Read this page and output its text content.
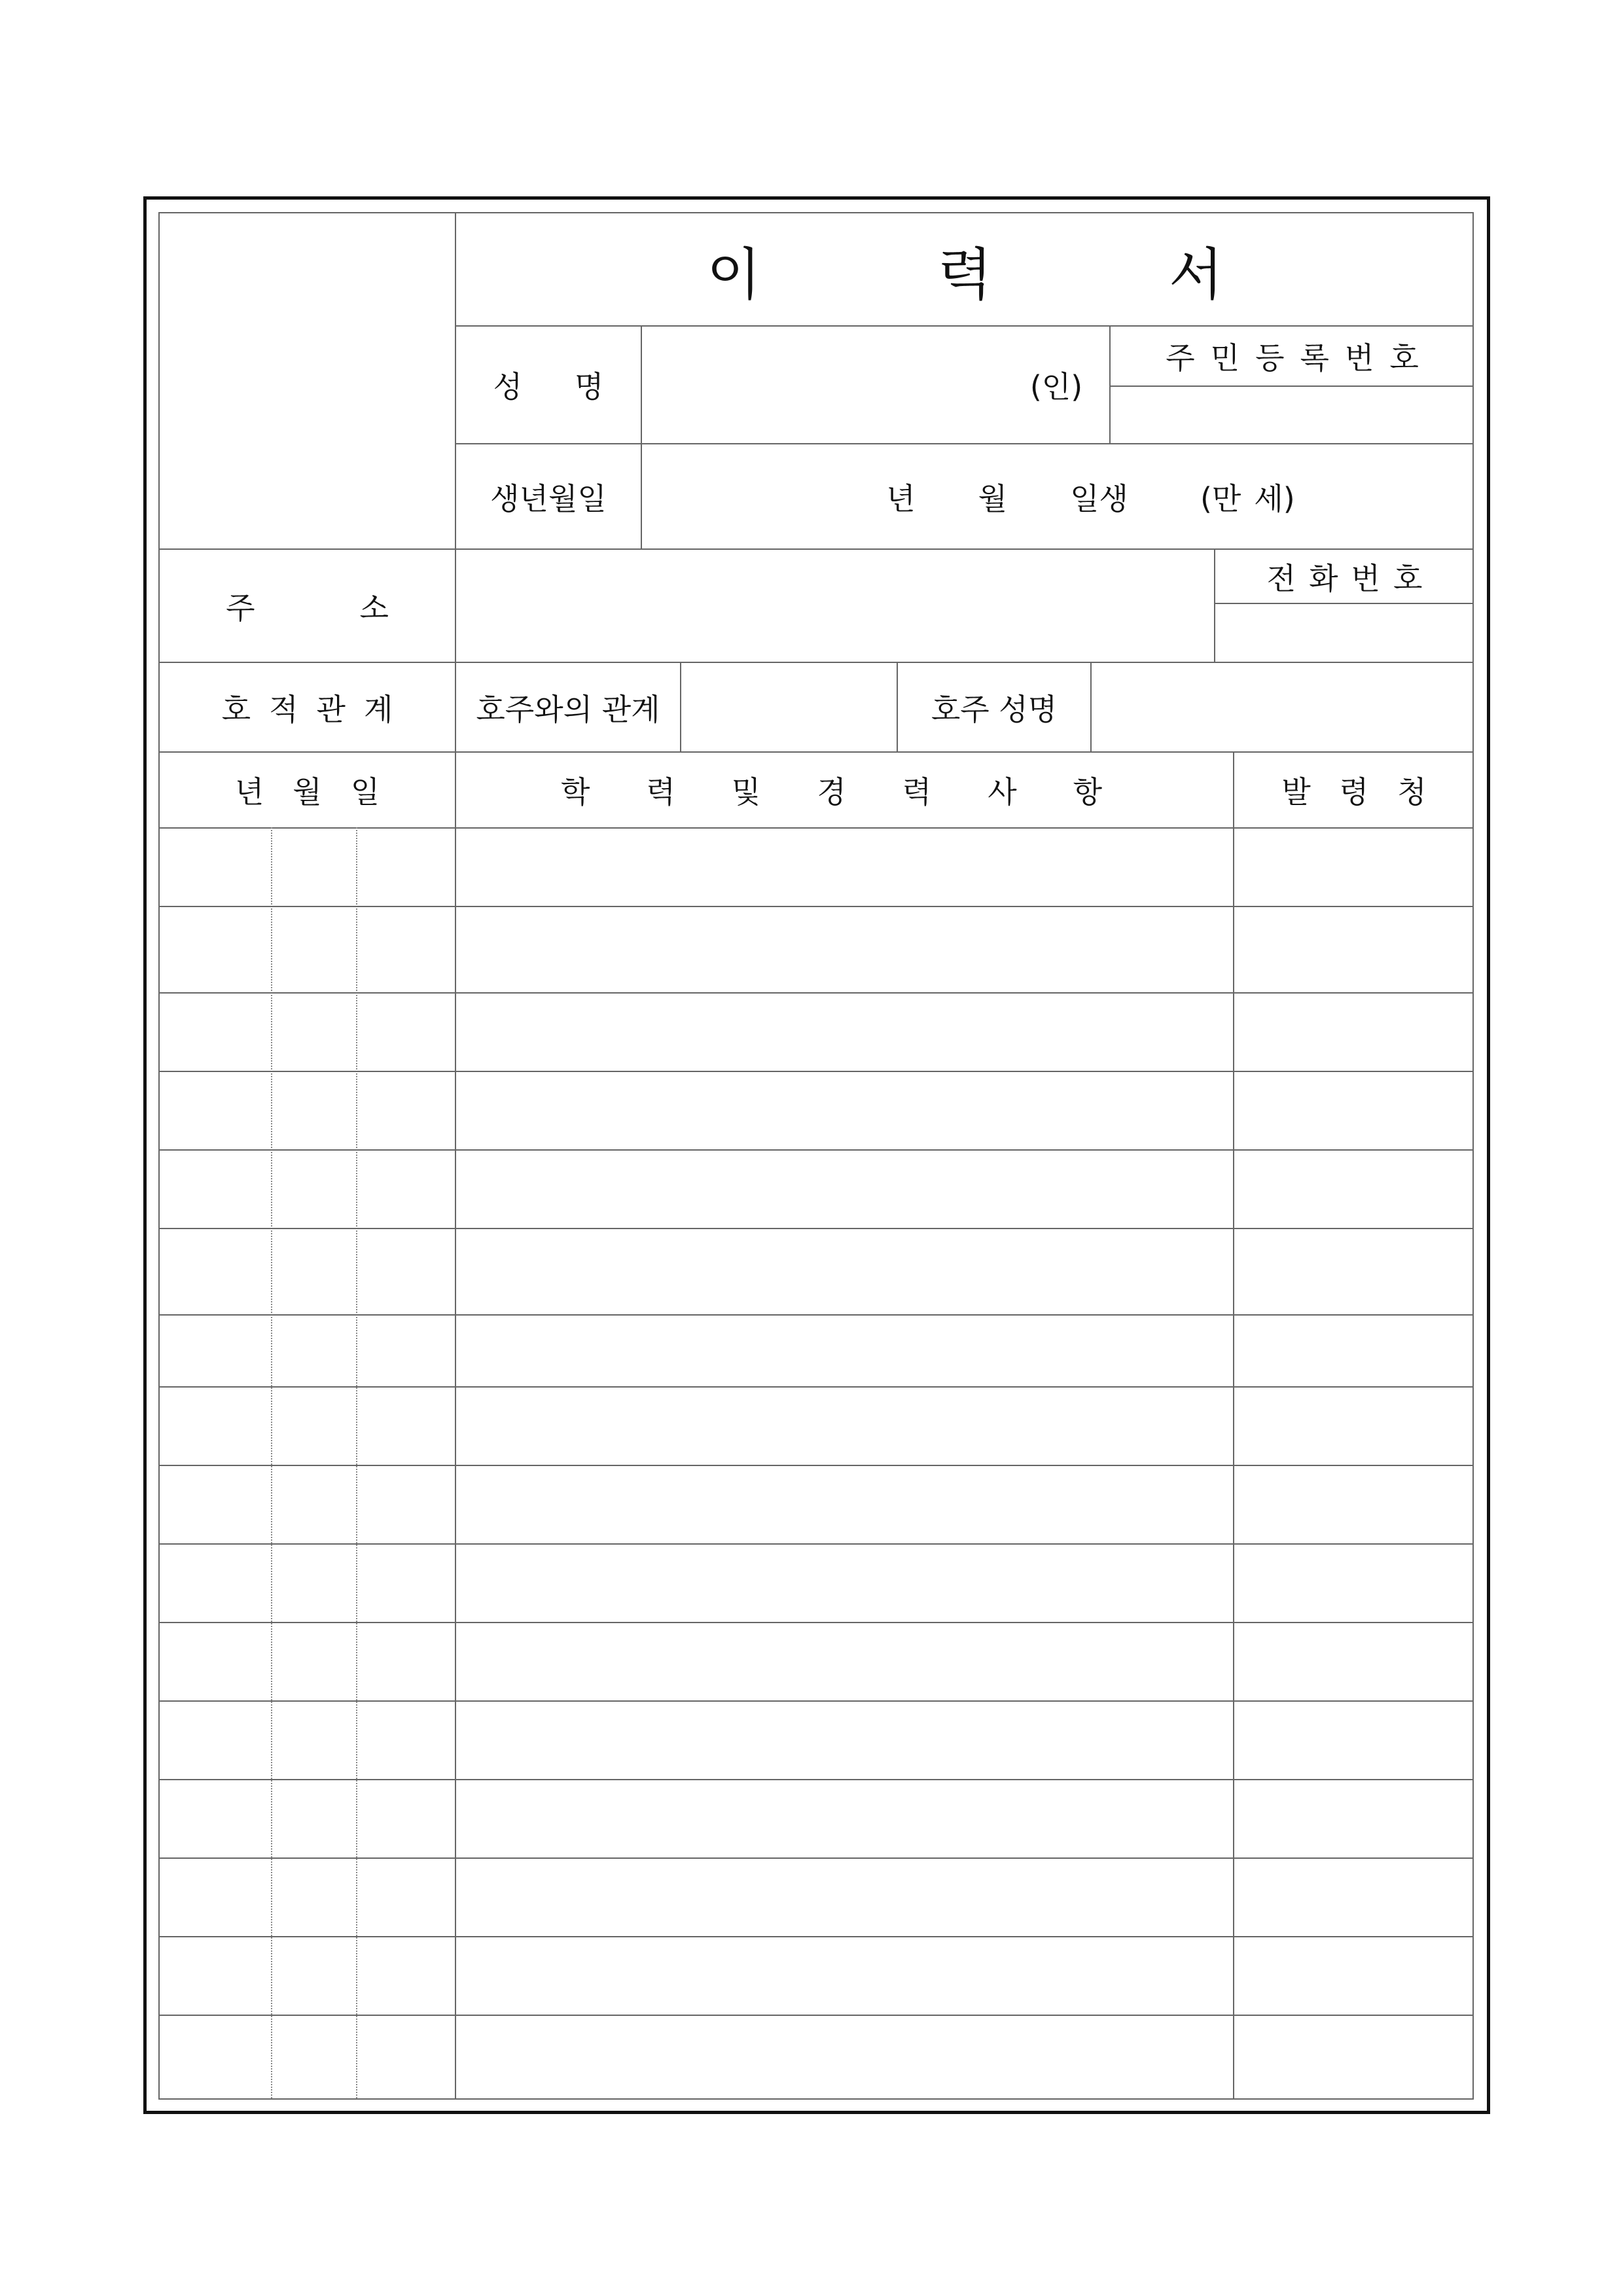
이	력	서
성 명	(인)
주 민 등 록 번 호
생년월일	년 월 일생 (만 세)
주	소
전 화 번 호
호 적 관 계	호주와의 관계	호주 성명
년 월 일	학 력 및 경 력 사 항	발 령 청
